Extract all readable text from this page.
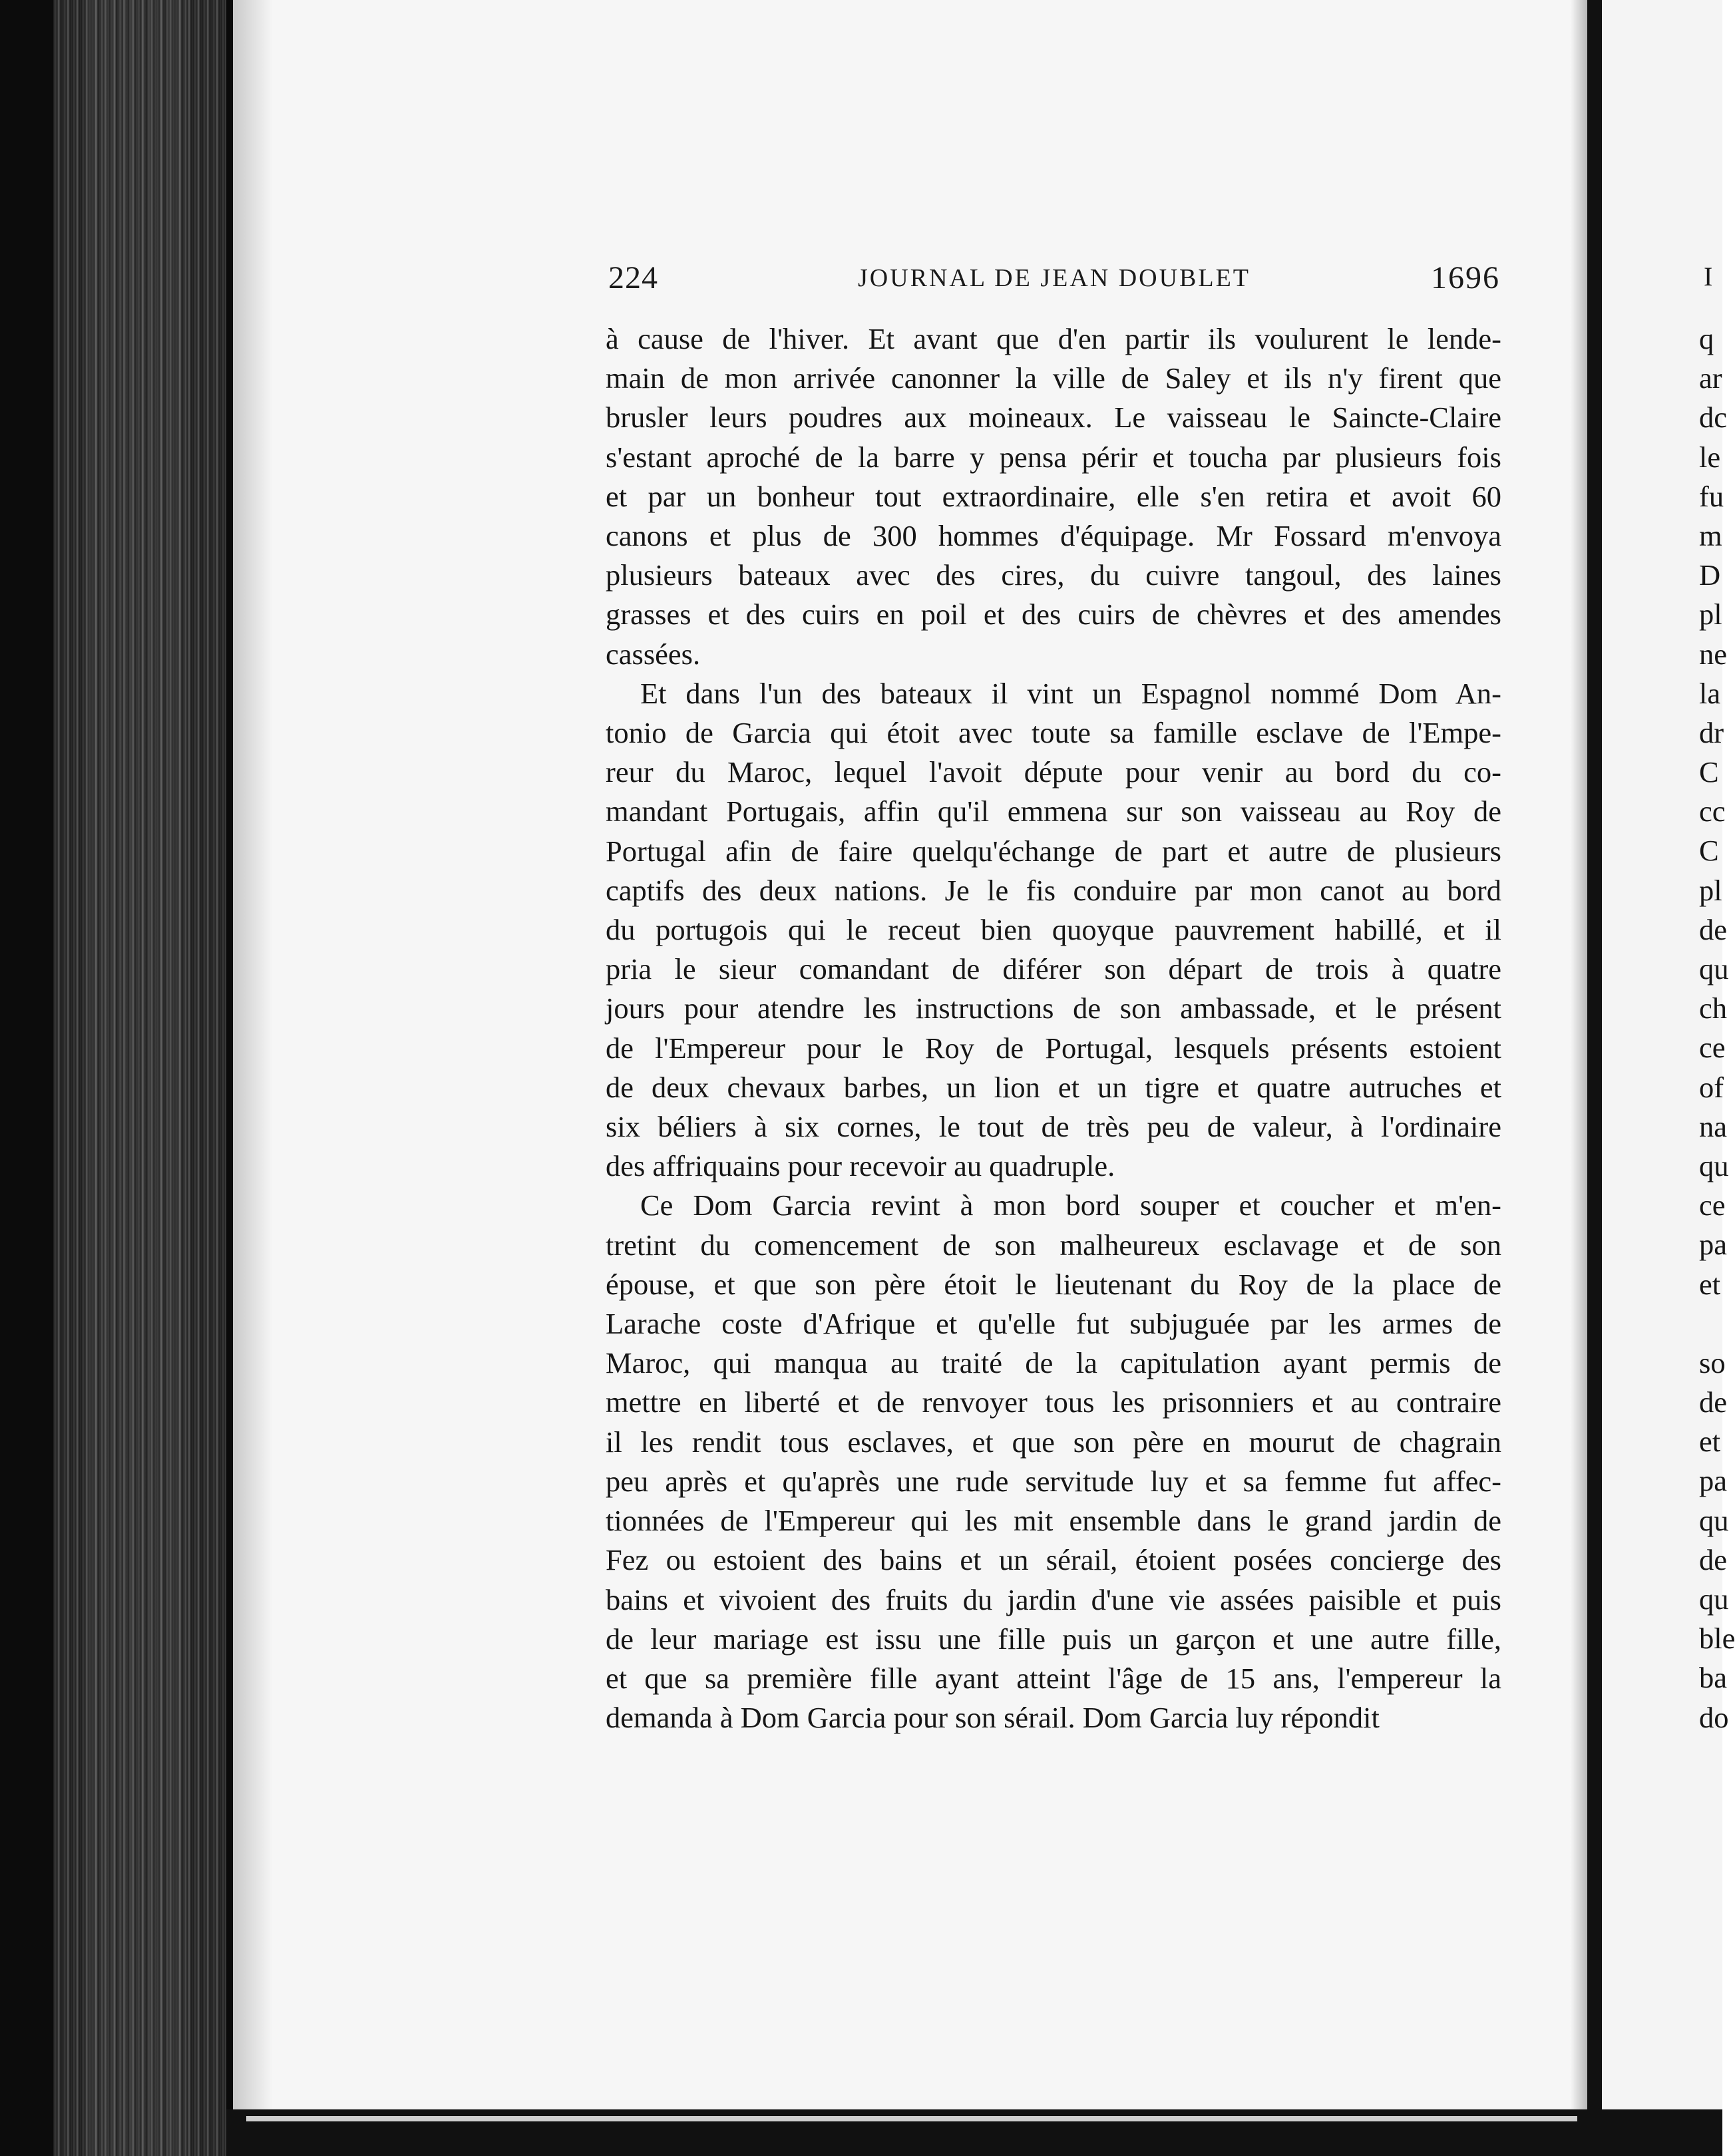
224	JOURNAL DE JEAN DOUBLET	1696
à cause de l'hiver. Et avant que d'en partir ils voulurent le lende-
main de mon arrivée canonner la ville de Saley et ils n'y firent que
brusler leurs poudres aux moineaux. Le vaisseau le Saincte-Claire
s'estant aproché de la barre y pensa périr et toucha par plusieurs fois
et par un bonheur tout extraordinaire, elle s'en retira et avoit 60
canons et plus de 300 hommes d'équipage. Mr Fossard m'envoya
plusieurs bateaux avec des cires, du cuivre tangoul, des laines
grasses et des cuirs en poil et des cuirs de chèvres et des amendes
cassées.
Et dans l'un des bateaux il vint un Espagnol nommé Dom An-
tonio de Garcia qui étoit avec toute sa famille esclave de l'Empe-
reur du Maroc, lequel l'avoit députe pour venir au bord du co-
mandant Portugais, affin qu'il emmena sur son vaisseau au Roy de
Portugal afin de faire quelqu'échange de part et autre de plusieurs
captifs des deux nations. Je le fis conduire par mon canot au bord
du portugois qui le receut bien quoyque pauvrement habillé, et il
pria le sieur comandant de diférer son départ de trois à quatre
jours pour atendre les instructions de son ambassade, et le présent
de l'Empereur pour le Roy de Portugal, lesquels présents estoient
de deux chevaux barbes, un lion et un tigre et quatre autruches et
six béliers à six cornes, le tout de très peu de valeur, à l'ordinaire
des affriquains pour recevoir au quadruple.
Ce Dom Garcia revint à mon bord souper et coucher et m'en-
tretint du comencement de son malheureux esclavage et de son
épouse, et que son père étoit le lieutenant du Roy de la place de
Larache coste d'Afrique et qu'elle fut subjuguée par les armes de
Maroc, qui manqua au traité de la capitulation ayant permis de
mettre en liberté et de renvoyer tous les prisonniers et au contraire
il les rendit tous esclaves, et que son père en mourut de chagrain
peu après et qu'après une rude servitude luy et sa femme fut affec-
tionnées de l'Empereur qui les mit ensemble dans le grand jardin de
Fez ou estoient des bains et un sérail, étoient posées concierge des
bains et vivoient des fruits du jardin d'une vie assées paisible et puis
de leur mariage est issu une fille puis un garçon et une autre fille,
et que sa première fille ayant atteint l'âge de 15 ans, l'empereur la
demanda à Dom Garcia pour son sérail. Dom Garcia luy répondit
I
q
ar
dc
le
fu
m
D
pl
ne
la
dr
C
cc
C
pl
de
qu
ch
ce
of
na
qu
ce
pa
et
so
de
et
pa
qu
de
qu
ble
ba
do
